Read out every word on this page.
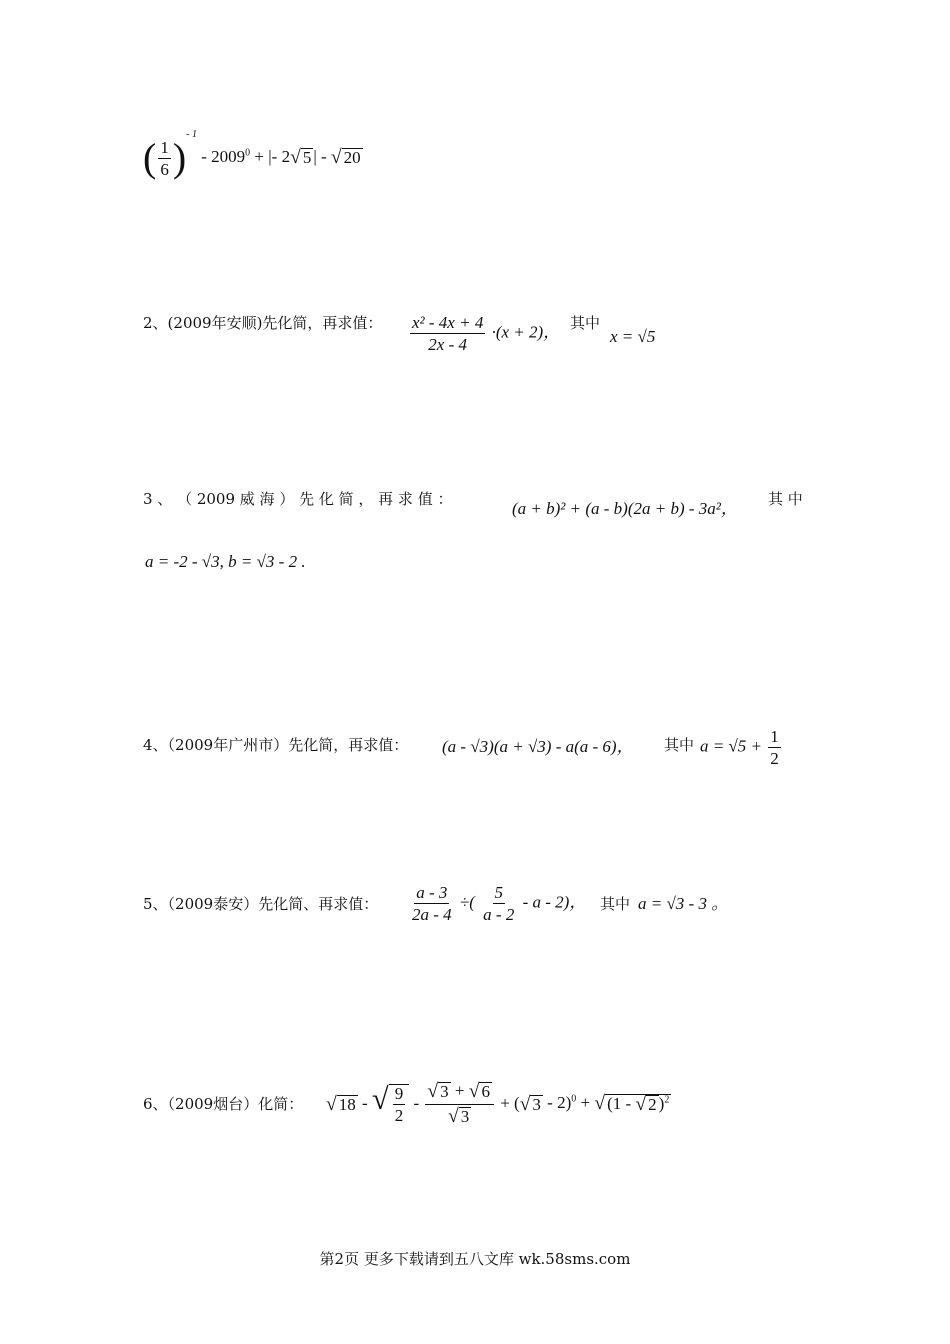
( $\frac{1}{6} )^{- 1} - 2009^0$ + |- 2 √ 5 | - √ 20
2、(2009年安顺)先化简，再求值： $\frac{\text{x² - 4x + 4}}{2x - 4} \cdot(x + 2)$， 其中
x = √5
3 、 （ 2009 威 海 ） 先 化 简 ， 再 求 值 ：	(a + b)² + (a - b)(2a + b) - 3a²， 其 中
a = -2 - √3, b = √3 - 2 .
4、（2009年广州市）先化简，再求值： (a - √3)(a + √3) - a(a - 6)， 其中 $a = √5 + \frac{1}{2}$
5、（2009泰安）先化简、再求值： $\frac{a - 3}{2a - 4}$ ÷( $\frac{5}{a - 2}$ - a - 2)， 其中 a = √3 - 3 。
6、（2009烟台）化简： √ 18 - √ $\frac{9}{2} - \frac{√ 3 + √ 6}{√ 3}$ + ( √ 3 - 2)$^0$ + √ (1 - √ 2 )$^2$
第2页 更多下载请到五八文库 wk.58sms.com
